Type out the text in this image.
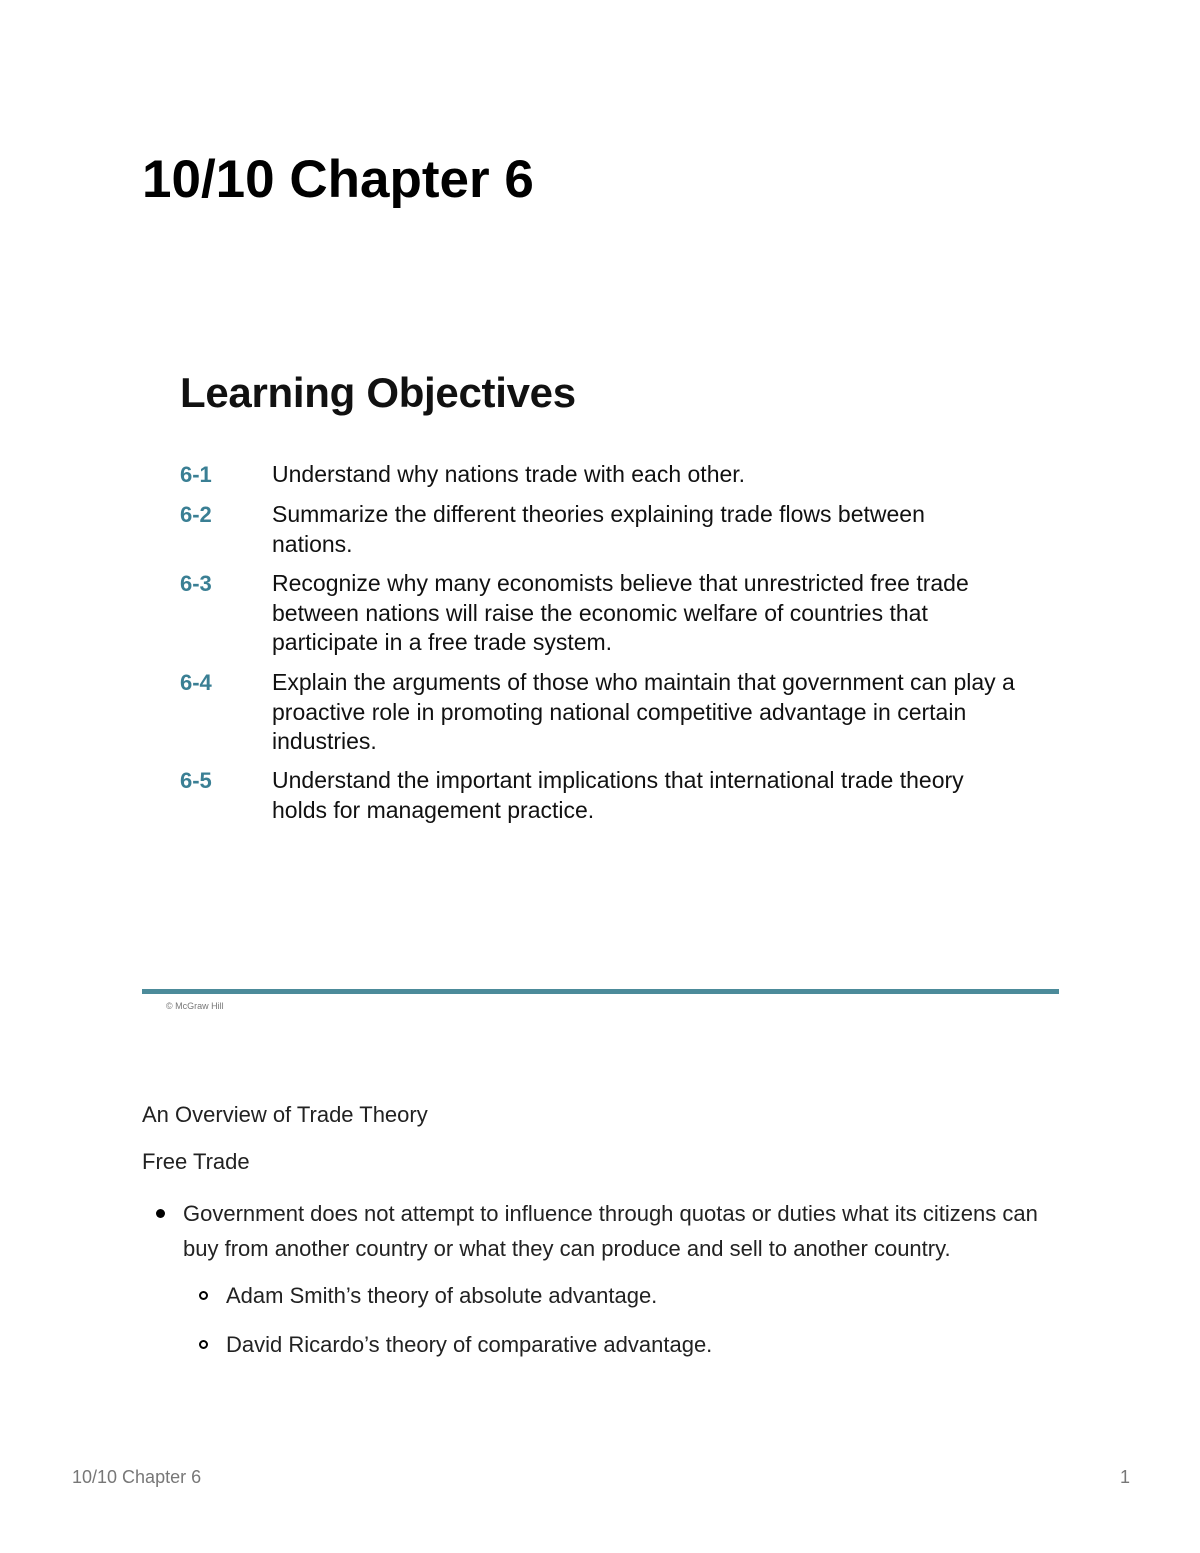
10/10 Chapter 6
Learning Objectives
6-1	Understand why nations trade with each other.
6-2	Summarize the different theories explaining trade flows between nations.
6-3	Recognize why many economists believe that unrestricted free trade between nations will raise the economic welfare of countries that participate in a free trade system.
6-4	Explain the arguments of those who maintain that government can play a proactive role in promoting national competitive advantage in certain industries.
6-5	Understand the important implications that international trade theory holds for management practice.
© McGraw Hill
An Overview of Trade Theory
Free Trade
Government does not attempt to influence through quotas or duties what its citizens can buy from another country or what they can produce and sell to another country.
Adam Smith’s theory of absolute advantage.
David Ricardo’s theory of comparative advantage.
10/10 Chapter 6	1
